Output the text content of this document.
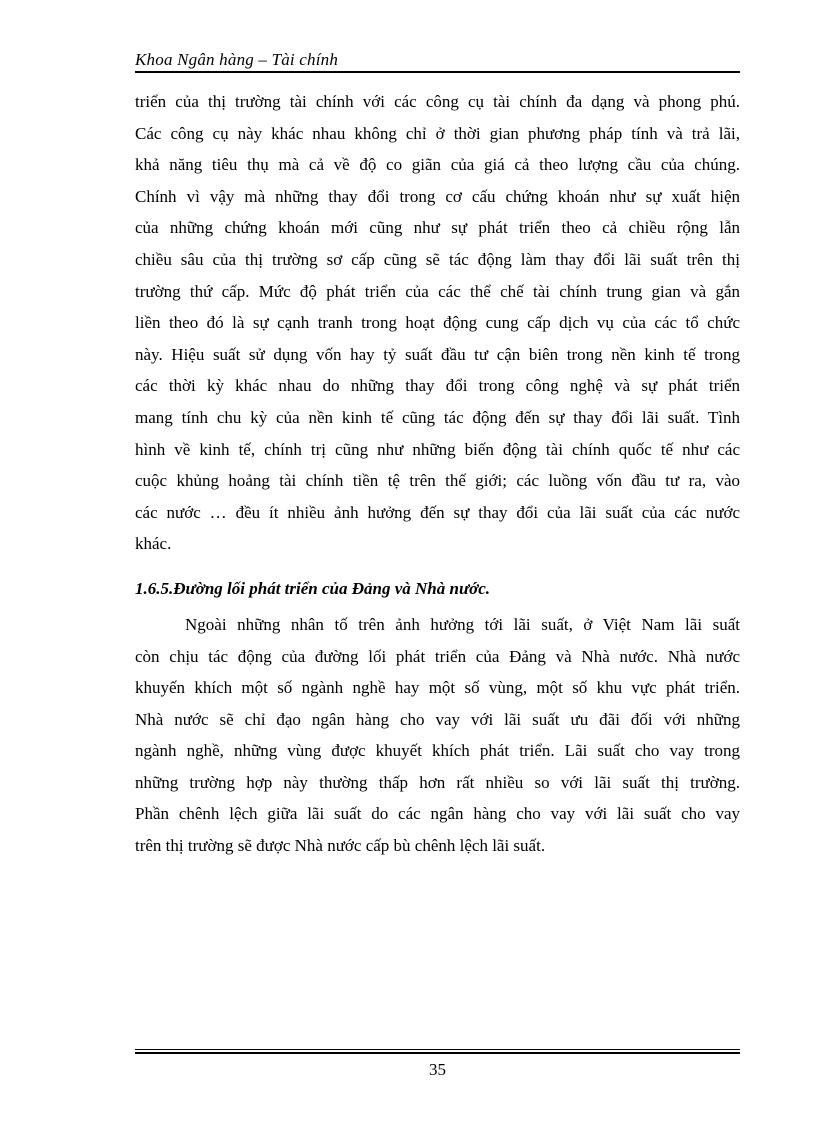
Khoa Ngân hàng – Tài chính
triển của thị trường tài chính với các công cụ tài chính đa dạng và phong phú.
Các công cụ này khác nhau không chỉ ở thời gian phương pháp tính và trả lãi,
khả năng tiêu thụ mà cả về độ co giãn của giá cả theo lượng cầu của chúng.
Chính vì vậy mà những thay đổi trong cơ cấu chứng khoán như sự xuất hiện
của những chứng khoán mới cũng như sự phát triển theo cả chiều rộng lẫn
chiều sâu của thị trường sơ cấp cũng sẽ tác động làm thay đổi lãi suất trên thị
trường thứ cấp. Mức độ phát triển của các thể chế tài chính trung gian và gắn
liền theo đó là sự cạnh tranh trong hoạt động cung cấp dịch vụ của các tổ chức
này. Hiệu suất sử dụng vốn hay tỷ suất đầu tư cận biên trong nền kinh tế trong
các thời kỳ khác nhau do những thay đổi trong công nghệ và sự phát triển
mang tính chu kỳ của nền kinh tế cũng tác động đến sự thay đổi lãi suất. Tình
hình về kinh tế, chính trị cũng như những biến động tài chính quốc tế như các
cuộc khủng hoảng tài chính tiền tệ trên thế giới; các luồng vốn đầu tư ra, vào
các nước … đều ít nhiều ảnh hưởng đến sự thay đổi của lãi suất của các nước
khác.
1.6.5.Đường lối phát triển của Đảng và Nhà nước.
Ngoài những nhân tố trên ảnh hưởng tới lãi suất, ở Việt Nam lãi suất
còn chịu tác động của đường lối phát triển của Đảng và Nhà nước. Nhà nước
khuyến khích một số ngành nghề hay một số vùng, một số khu vực phát triển.
Nhà nước sẽ chỉ đạo ngân hàng cho vay với lãi suất ưu đãi đối với những
ngành nghề, những vùng được khuyết khích phát triển. Lãi suất cho vay trong
những trường hợp này thường thấp hơn rất nhiều so với lãi suất thị trường.
Phần chênh lệch giữa lãi suất do các ngân hàng cho vay với lãi suất cho vay
trên thị trường sẽ được Nhà nước cấp bù chênh lệch lãi suất.
35
